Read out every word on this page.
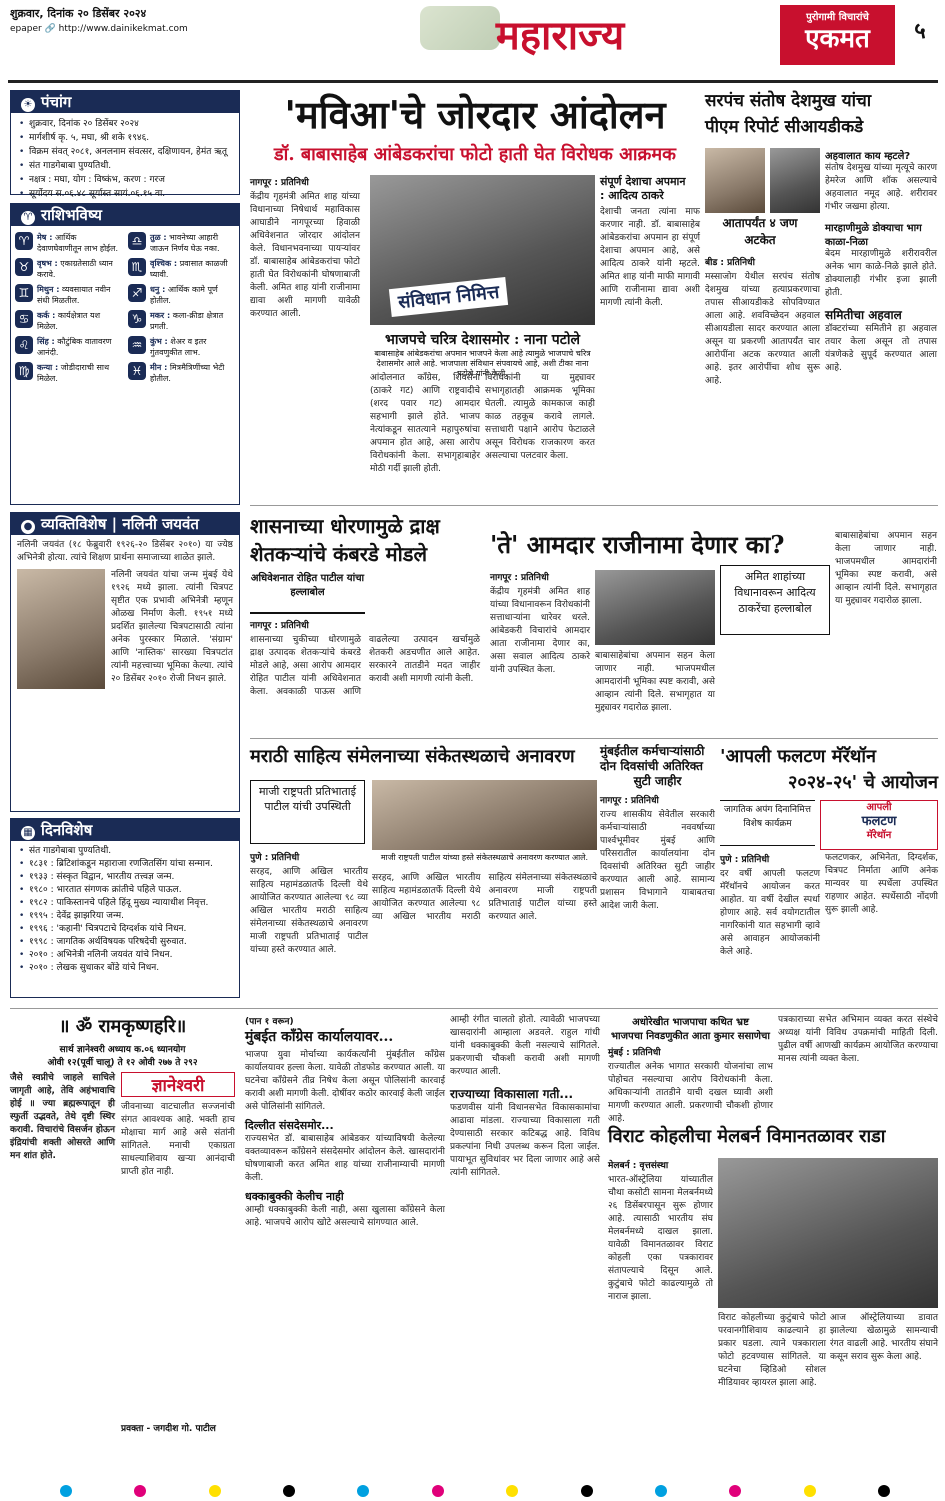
शुक्रवार, दिनांक २० डिसेंबर २०२४
epaper 🔗 http://www.dainikekmat.com	महाराज्य	पुरोगामी विचारांचे
एकमत	५
☀ पंचांग
• शुक्रवार, दिनांक २० डिसेंबर २०२४
• मार्गशीर्ष कृ. ५, मघा, श्री शके १९४६.
• विक्रम संवत् २०८१, अनलनाम संवत्सर, दक्षिणायन, हेमंत ऋतू
• संत गाडगेबाबा पुण्यतिथी.
• नक्षत्र : मघा, योग : विष्कंभ, करण : गरज
• सूर्योदय स.०६.४८ सूर्यास्त सायं.०६.१५ वा.
♈ राशिभविष्य
♈ मेष : आर्थिक देवाणघेवाणीतून लाभ होईल.
♎ तुळ : भावनेच्या आहारी जाऊन निर्णय घेऊ नका.
♉ वृषभ : एकाग्रतेसाठी ध्यान करावे.
♏ वृश्चिक : प्रवासात काळजी घ्यावी.
♊ मिथुन : व्यवसायात नवीन संधी मिळतील.
♐ धनु : आर्थिक कामे पूर्ण होतील.
♋ कर्क : कार्यक्षेत्रात यश मिळेल.
♑ मकर : कला-क्रीडा क्षेत्रात प्रगती.
♌ सिंह : कौटुंबिक वातावरण आनंदी.
♒ कुंभ : शेअर व इतर गुंतवणुकीत लाभ.
♍ कन्या : जोडीदाराची साथ मिळेल.
♓ मीन : मित्रमैत्रिणींच्या भेटी होतील.
● व्यक्तिविशेष | नलिनी जयवंत
नलिनी जयवंत (१८ फेब्रुवारी १९२६-२० डिसेंबर २०१०) या ज्येष्ठ अभिनेत्री होत्या. त्यांचे शिक्षण प्रार्थना समाजाच्या शाळेत झाले.
नलिनी जयवंत यांचा जन्म मुंबई येथे १९२६ मध्ये झाला. त्यांनी चित्रपट सृष्टीत एक प्रभावी अभिनेत्री म्हणून ओळख निर्माण केली. १९५१ मध्ये प्रदर्शित झालेल्या चित्रपटासाठी त्यांना अनेक पुरस्कार मिळाले. 'संग्राम' आणि 'नास्तिक' सारख्या चित्रपटांत त्यांनी महत्त्वाच्या भूमिका केल्या. त्यांचे २० डिसेंबर २०१० रोजी निधन झाले.
▦ दिनविशेष
• संत गाडगेबाबा पुण्यतिथी.
• १८३१ : ब्रिटिशांकडून महाराजा रणजितसिंग यांचा सन्मान.
• १९३३ : संस्कृत विद्वान, भारतीय तत्त्वज्ञ जन्म.
• १९८० : भारतात संगणक क्रांतीचे पहिले पाऊल.
• १९८२ : पाकिस्तानचे पहिले हिंदू मुख्य न्यायाधीश निवृत्त.
• १९९५ : देवेंद्र झाझरिया जन्म.
• १९९६ : 'कहानी' चित्रपटाचे दिग्दर्शक यांचे निधन.
• १९९८ : जागतिक अर्थविषयक परिषदेची सुरुवात.
• २०१० : अभिनेत्री नलिनी जयवंत यांचे निधन.
• २०१० : लेखक सुधाकर बोंडे यांचे निधन.
'मविआ'चे जोरदार आंदोलन
डॉ. बाबासाहेब आंबेडकरांचा फोटो हाती घेत विरोधक आक्रमक
नागपूर : प्रतिनिधी
केंद्रीय गृहमंत्री अमित शाह यांच्या विधानाच्या निषेधार्थ महाविकास आघाडीने नागपूरच्या हिवाळी अधिवेशनात जोरदार आंदोलन केले. विधानभवनाच्या पायऱ्यांवर डॉ. बाबासाहेब आंबेडकरांचा फोटो हाती घेत विरोधकांनी घोषणाबाजी केली. अमित शाह यांनी राजीनामा द्यावा अशी मागणी यावेळी करण्यात आली.
संविधान निमित्त
भाजपचे चरित्र देशासमोर : नाना पटोले
बाबासाहेब आंबेडकरांचा अपमान भाजपने केला आहे त्यामुळे भाजपाचे चरित्र देशासमोर आले आहे. भाजपाला संविधान संपवायचे आहे, अशी टीका नाना पटोले यांनी केली.
आंदोलनात काँग्रेस, शिवसेना (ठाकरे गट) आणि राष्ट्रवादीचे (शरद पवार गट) आमदार सहभागी झाले होते. भाजप नेत्यांकडून सातत्याने महापुरुषांचा अपमान होत आहे, असा आरोप विरोधकांनी केला. सभागृहाबाहेर मोठी गर्दी झाली होती.
विरोधकांनी या मुद्द्यावर सभागृहातही आक्रमक भूमिका घेतली. त्यामुळे कामकाज काही काळ तहकूब करावे लागले. सत्ताधारी पक्षाने आरोप फेटाळले असून विरोधक राजकारण करत असल्याचा पलटवार केला.
संपूर्ण देशाचा अपमान
: आदित्य ठाकरे
देशाची जनता त्यांना माफ करणार नाही. डॉ. बाबासाहेब आंबेडकरांचा अपमान हा संपूर्ण देशाचा अपमान आहे, असे आदित्य ठाकरे यांनी म्हटले. अमित शाह यांनी माफी मागावी आणि राजीनामा द्यावा अशी मागणी त्यांनी केली.
सरपंच संतोष देशमुख यांचा
पीएम रिपोर्ट सीआयडीकडे
आतापर्यंत ४ जण अटकेत
बीड : प्रतिनिधी
मस्साजोग येथील सरपंच संतोष देशमुख यांच्या हत्याप्रकरणाचा तपास सीआयडीकडे सोपविण्यात आला आहे. शवविच्छेदन अहवाल सीआयडीला सादर करण्यात आला असून या प्रकरणी आतापर्यंत चार आरोपींना अटक करण्यात आली आहे. इतर आरोपींचा शोध सुरू आहे.
अहवालात काय म्हटले?
संतोष देशमुख यांच्या मृत्यूचे कारण हेमरेज आणि शॉक असल्याचे अहवालात नमूद आहे. शरीरावर गंभीर जखमा होत्या.
मारहाणीमुळे डोक्याचा भाग काळा-निळा
बेदम मारहाणीमुळे शरीरावरील अनेक भाग काळे-निळे झाले होते. डोक्यालाही गंभीर इजा झाली होती.
समितीचा अहवाल
डॉक्टरांच्या समितीने हा अहवाल तयार केला असून तो तपास यंत्रणेकडे सुपूर्द करण्यात आला आहे.
शासनाच्या धोरणामुळे द्राक्ष
शेतकऱ्यांचे कंबरडे मोडले
अधिवेशनात रोहित पाटील यांचा हल्लाबोल
नागपूर : प्रतिनिधी
शासनाच्या चुकीच्या धोरणामुळे द्राक्ष उत्पादक शेतकऱ्यांचे कंबरडे मोडले आहे, असा आरोप आमदार रोहित पाटील यांनी अधिवेशनात केला. अवकाळी पाऊस आणि वाढलेल्या उत्पादन खर्चामुळे शेतकरी अडचणीत आले आहेत. सरकारने तातडीने मदत जाहीर करावी अशी मागणी त्यांनी केली.
'ते' आमदार राजीनामा देणार का?
नागपूर : प्रतिनिधी
केंद्रीय गृहमंत्री अमित शाह यांच्या विधानावरून विरोधकांनी सत्ताधाऱ्यांना धारेवर धरले. आंबेडकरी विचारांचे आमदार आता राजीनामा देणार का, असा सवाल आदित्य ठाकरे यांनी उपस्थित केला.
बाबासाहेबांचा अपमान सहन केला जाणार नाही. भाजपमधील आमदारांनी भूमिका स्पष्ट करावी, असे आव्हान त्यांनी दिले. सभागृहात या मुद्द्यावर गदारोळ झाला.
अमित शाहांच्या विधानावरून आदित्य ठाकरेंचा हल्लाबोल
बाबासाहेबांचा अपमान सहन केला जाणार नाही. भाजपमधील आमदारांनी भूमिका स्पष्ट करावी, असे आव्हान त्यांनी दिले. सभागृहात या मुद्द्यावर गदारोळ झाला.
मराठी साहित्य संमेलनाच्या संकेतस्थळाचे अनावरण
माजी राष्ट्रपती प्रतिभाताई पाटील यांची उपस्थिती
माजी राष्ट्रपती पाटील यांच्या हस्ते संकेतस्थळाचे अनावरण करण्यात आले.
पुणे : प्रतिनिधी
सरहद, आणि अखिल भारतीय साहित्य महामंडळातर्फे दिल्ली येथे आयोजित करण्यात आलेल्या ९८ व्या अखिल भारतीय मराठी साहित्य संमेलनाच्या संकेतस्थळाचे अनावरण माजी राष्ट्रपती प्रतिभाताई पाटील यांच्या हस्ते करण्यात आले.
सरहद, आणि अखिल भारतीय साहित्य महामंडळातर्फे दिल्ली येथे आयोजित करण्यात आलेल्या ९८ व्या अखिल भारतीय मराठी साहित्य संमेलनाच्या संकेतस्थळाचे अनावरण माजी राष्ट्रपती प्रतिभाताई पाटील यांच्या हस्ते करण्यात आले.
मुंबईतील कर्मचाऱ्यांसाठी
दोन दिवसांची अतिरिक्त
सुटी जाहीर
नागपूर : प्रतिनिधी
राज्य शासकीय सेवेतील सरकारी कर्मचाऱ्यांसाठी नववर्षाच्या पार्श्वभूमीवर मुंबई आणि परिसरातील कार्यालयांना दोन दिवसांची अतिरिक्त सुटी जाहीर करण्यात आली आहे. सामान्य प्रशासन विभागाने याबाबतचा आदेश जारी केला.
'आपली फलटण मॅरॅथॉन
२०२४-२५' चे आयोजन
जागतिक अपंग दिनानिमित्त विशेष कार्यक्रम
आपली
फलटण
मॅरेथॉन
पुणे : प्रतिनिधी
दर वर्षी आपली फलटण मॅरॅथॉनचे आयोजन करत आहोत. या वर्षी देखील स्पर्धा होणार आहे. सर्व वयोगटातील नागरिकांनी यात सहभागी व्हावे असे आवाहन आयोजकांनी केले आहे.
फलटणकर, अभिनेता, दिग्दर्शक, चित्रपट निर्माता आणि अनेक मान्यवर या स्पर्धेला उपस्थित राहणार आहेत. स्पर्धेसाठी नोंदणी सुरू झाली आहे.
॥ ॐ रामकृष्णहरि॥
सार्थ ज्ञानेश्वरी अध्याय क.०६ ध्यानयोग
ओवी १२(पूर्वी चालू) ते १२ ओवी २७७ ते २९२
जैसे स्वप्नीचे जाहले साचिले जागृती आहे, तेवि अहंभावाचि होई ॥ ज्या ब्रह्मरूपातून ही स्फुर्ती उद्भवते, तेथे दृष्टी स्थिर करावी. विचारांचे विसर्जन होऊन इंद्रियांची शक्ती ओसरते आणि मन शांत होते.
ज्ञानेश्वरी
जीवनाच्या वाटचालीत सज्जनांची संगत आवश्यक आहे. भक्ती हाच मोक्षाचा मार्ग आहे असे संतांनी सांगितले. मनाची एकाग्रता साधल्याशिवाय खऱ्या आनंदाची प्राप्ती होत नाही.
प्रवक्ता - जगदीश गो. पाटील
(पान १ वरून)
मुंबईत काँग्रेस कार्यालयावर...
भाजपा युवा मोर्चाच्या कार्यकर्त्यांनी मुंबईतील काँग्रेस कार्यालयावर हल्ला केला. यावेळी तोडफोड करण्यात आली. या घटनेचा काँग्रेसने तीव्र निषेध केला असून पोलिसांनी कारवाई करावी अशी मागणी केली. दोषींवर कठोर कारवाई केली जाईल असे पोलिसांनी सांगितले.
दिल्लीत संसदेसमोर...
राज्यसभेत डॉ. बाबासाहेब आंबेडकर यांच्याविषयी केलेल्या वक्तव्यावरून काँग्रेसने संसदेसमोर आंदोलन केले. खासदारांनी घोषणाबाजी करत अमित शाह यांच्या राजीनाम्याची मागणी केली.
धक्काबुक्की केलीच नाही
आम्ही धक्काबुक्की केली नाही, असा खुलासा काँग्रेसने केला आहे. भाजपचे आरोप खोटे असल्याचे सांगण्यात आले.
आम्ही रंगीत चालतो होतो. त्यावेळी भाजपच्या खासदारांनी आम्हाला अडवले. राहुल गांधी यांनी धक्काबुक्की केली नसल्याचे सांगितले. प्रकरणाची चौकशी करावी अशी मागणी करण्यात आली.
राज्याच्या विकासाला गती...
फडणवीस यांनी विधानसभेत विकासकामांचा आढावा मांडला. राज्याच्या विकासाला गती देण्यासाठी सरकार कटिबद्ध आहे. विविध प्रकल्पांना निधी उपलब्ध करून दिला जाईल. पायाभूत सुविधांवर भर दिला जाणार आहे असे त्यांनी सांगितले.
अधोरेखीत भाजपाचा कथित भ्रष्ट
भाजपचा निवडणुकीत आता कुमार ससाणेचा
मुंबई : प्रतिनिधी
राज्यातील अनेक भागात सरकारी योजनांचा लाभ पोहोचत नसल्याचा आरोप विरोधकांनी केला. अधिकाऱ्यांनी तातडीने याची दखल घ्यावी अशी मागणी करण्यात आली. प्रकरणाची चौकशी होणार आहे.
पत्रकाराच्या सभेत अभिमान व्यक्त करत संस्थेचे अध्यक्ष यांनी विविध उपक्रमांची माहिती दिली. पुढील वर्षी आणखी कार्यक्रम आयोजित करण्याचा मानस त्यांनी व्यक्त केला.
विराट कोहलीचा मेलबर्न विमानतळावर राडा
मेलबर्न : वृत्तसंस्था
भारत-ऑस्ट्रेलिया यांच्यातील चौथा कसोटी सामना मेलबर्नमध्ये २६ डिसेंबरपासून सुरू होणार आहे. त्यासाठी भारतीय संघ मेलबर्नमध्ये दाखल झाला. यावेळी विमानतळावर विराट कोहली एका पत्रकारावर संतापल्याचे दिसून आले. कुटुंबाचे फोटो काढल्यामुळे तो नाराज झाला.
विराट कोहलीच्या कुटुंबाचे फोटो परवानगीशिवाय काढल्याने हा प्रकार घडला. त्याने पत्रकाराला फोटो हटवण्यास सांगितले. या घटनेचा व्हिडिओ सोशल मीडियावर व्हायरल झाला आहे.
आज ऑस्ट्रेलियाच्या डावात झालेल्या खेळामुळे सामन्याची रंगत वाढली आहे. भारतीय संघाने कसून सराव सुरू केला आहे.
